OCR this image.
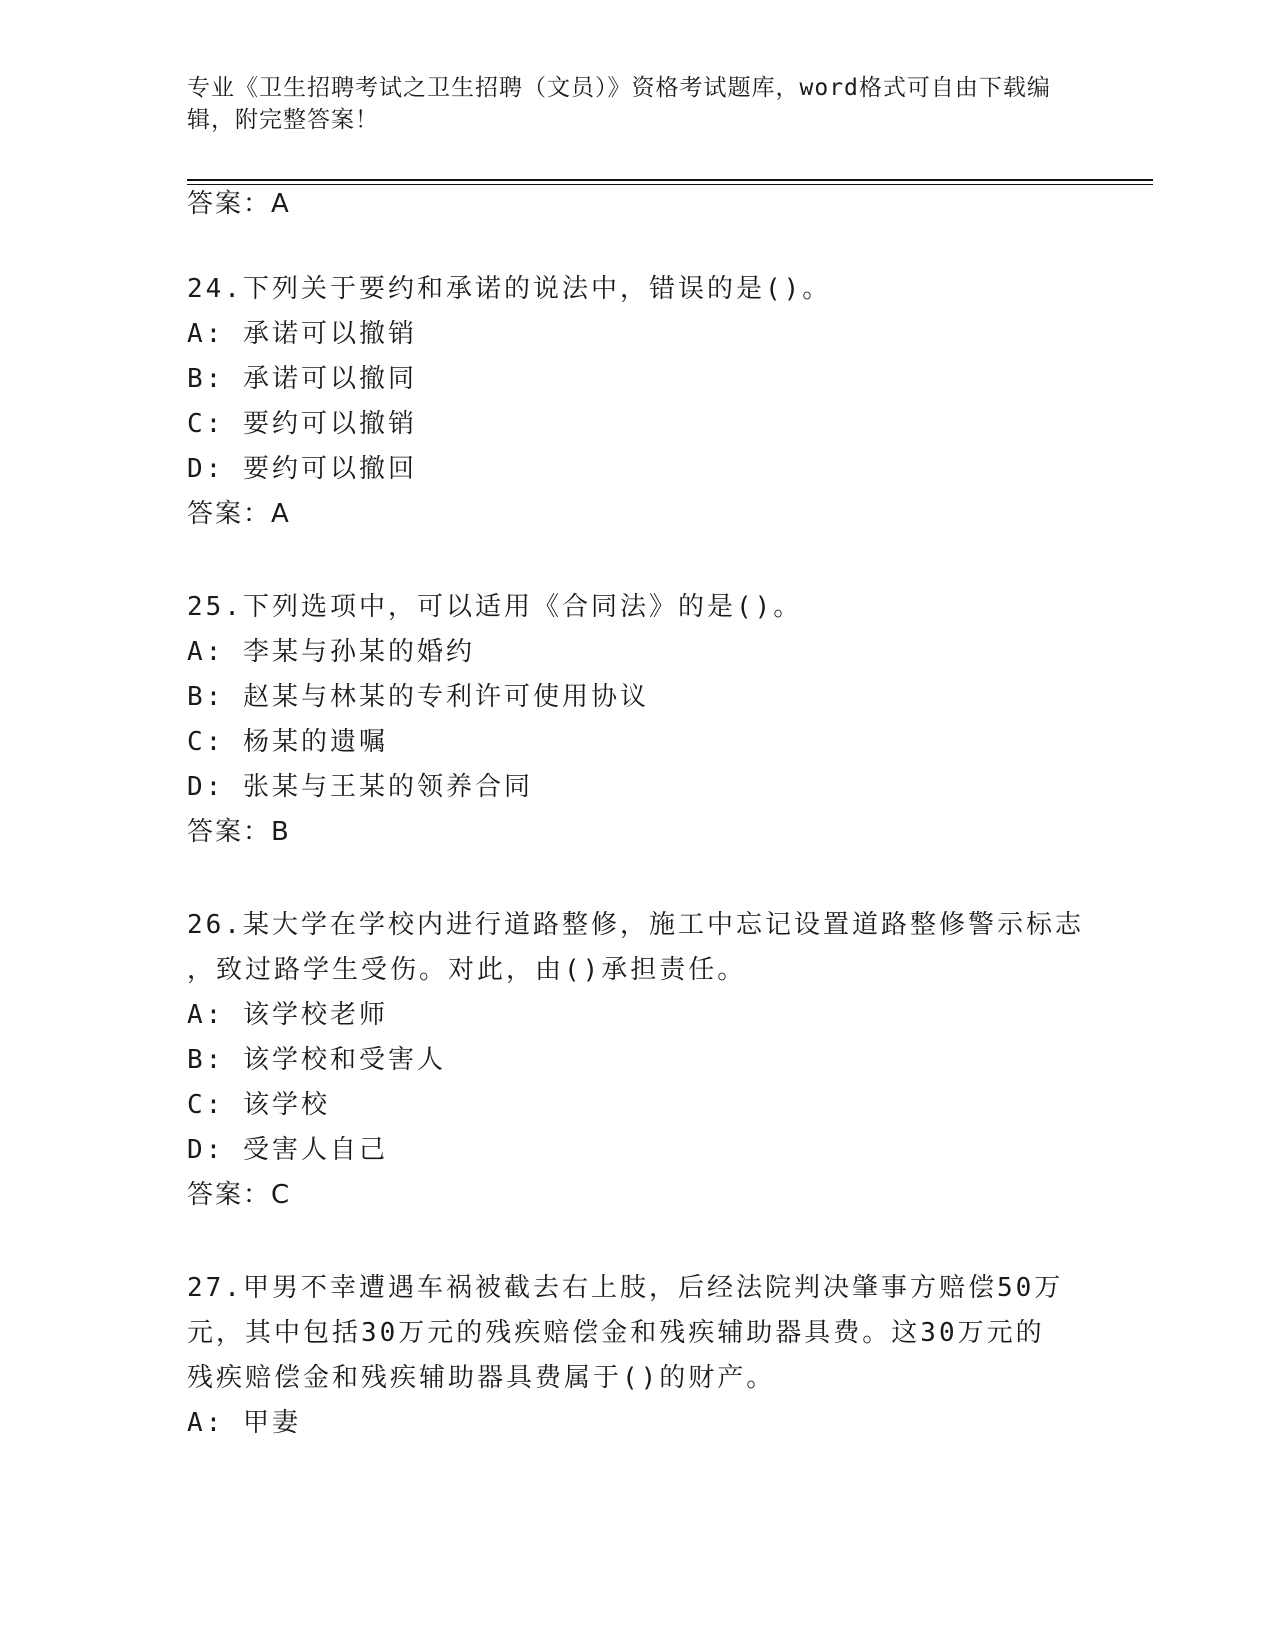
专业《卫生招聘考试之卫生招聘（文员）》资格考试题库，word格式可自由下载编辑，附完整答案！
答案：A
24.下列关于要约和承诺的说法中，错误的是()。
A: 承诺可以撤销
B: 承诺可以撤同
C: 要约可以撤销
D: 要约可以撤回
答案：A
25.下列选项中，可以适用《合同法》的是()。
A: 李某与孙某的婚约
B: 赵某与林某的专利许可使用协议
C: 杨某的遗嘱
D: 张某与王某的领养合同
答案：B
26.某大学在学校内进行道路整修，施工中忘记设置道路整修警示标志
，致过路学生受伤。对此，由()承担责任。
A: 该学校老师
B: 该学校和受害人
C: 该学校
D: 受害人自己
答案：C
27.甲男不幸遭遇车祸被截去右上肢，后经法院判决肇事方赔偿50万
元，其中包括30万元的残疾赔偿金和残疾辅助器具费。这30万元的
残疾赔偿金和残疾辅助器具费属于()的财产。
A: 甲妻
